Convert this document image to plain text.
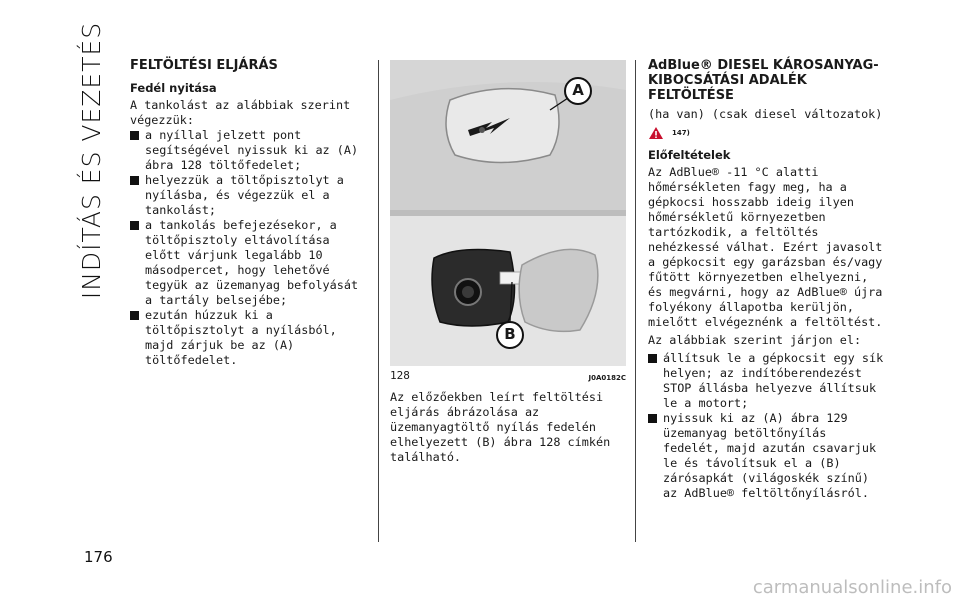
INDÍTÁS ÉS VEZETÉS FELTÖLTÉSI ELJÁRÁS
Fedél nyitása

A tankolást az alábbiak szerint végezzük:

a nyíllal jelzett pont segítségével nyissuk ki az (A) ábra 128 töltőfedelet;

helyezzük a töltőpisztolyt a nyílásba, és végezzük el a tankolást;

a tankolás befejezésekor, a töltőpisztoly eltávolítása előtt várjunk legalább 10 másodpercet, hogy lehetővé tegyük az üzemanyag befolyását a tartály belsejébe;

ezután húzzuk ki a töltőpisztolyt a nyílásból, majd zárjuk be az (A) töltőfedelet.

A
B
128	J0A0182C

Az előzőekben leírt feltöltési eljárás ábrázolása az üzemanyagtöltő nyílás fedelén elhelyezett (B) ábra 128 címkén található.

AdBlue® DIESEL KÁROSANYAG-
KIBOCSÁTÁSI ADALÉK
FELTÖLTÉSE

(ha van) (csak diesel változatok)

147)
Előfeltételek

Az AdBlue® -11 °C alatti hőmérsékleten fagy meg, ha a gépkocsi hosszabb ideig ilyen hőmérsékletű környezetben tartózkodik, a feltöltés nehézkessé válhat. Ezért javasolt a gépkocsit egy garázsban és/vagy fűtött környezetben elhelyezni, és megvárni, hogy az AdBlue® újra folyékony állapotba kerüljön, mielőtt elvégeznénk a feltöltést.

Az alábbiak szerint járjon el:

állítsuk le a gépkocsit egy sík helyen; az indítóberendezést STOP állásba helyezve állítsuk le a motort;

nyissuk ki az (A) ábra 129 üzemanyag betöltőnyílás fedelét, majd azután csavarjuk le és távolítsuk el a (B) zárósapkát (világoskék színű) az AdBlue® feltöltőnyílásról.

176
carmanualsonline.info
